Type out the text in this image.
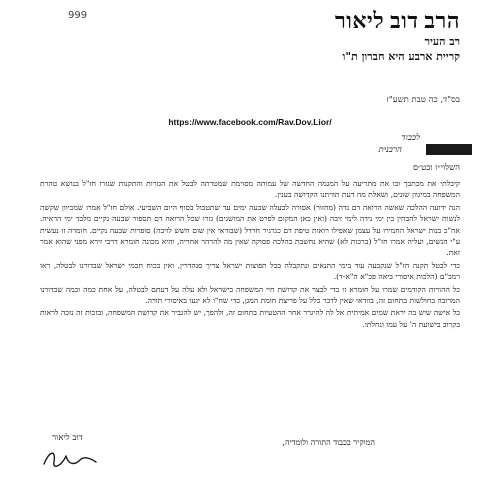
999	הרב דוב ליאור
רב העיר
קריית ארבע היא חברון ת"ו
בס"ד, כה טבת תשע"ז
https://www.facebook.com/Rav.Dov.Lior/
לכבוד
הרבנית
השלוי״ו וכט״ס

קיבלתי את מכתבך ובו את מתריעה על המגמה החדשה של עמותה מסוימת שמטרתה לבטל את הגזרות והתקנות שגזרו חז"ל בנושא טהרת המשפחה במיגוון שונים, ושאלת מה דעת תורתנו הקדושה בענין.

הנה ידועה ההלכה שאשה הרואה דם נדה (מחזור) אסורה לבעלה שבעה ימים עד שתטבול בסוף היום השביעי. אולם חז"ל אמרו שמכיוון שקשה לנשות ישראל להבחין בין ימי נידה לימי זיבה (ואין כאן המקום לפרט את המושגים) גזרו שכל הרואה דם תספור שבעה נקיים מלבד ימי הראיה. אח"כ בנות ישראל החמירו על עצמן שאפילו רואות טיפת דם כגרגיר חרדל (שבודאי אין שום חשש לזיבה) סופרות שבעה נקיים. חומרה זו נעשית ע"י הנשים, ועליה אמרו חז"ל (ברכות לא) שהיא נחשבת כהלכה פסוקה שאין מה להרהר אחריה, והיא מכונה חומרא דרבי זירא מפני שהוא אמר זאת.

כדי לבטל תקנה חז"ל שנקבעה עוד בימי התנאים ונתקבלה בכל תפוצות ישראל צריך סנהדרין, ואין בכוח חכמי ישראל שבדורנו לבטלה, ראו רמב"ם (הלכות איסורי ביאה פכ"א ה"א-ד).

כל ההורות הקודמים שמרו על חומרא זו כדי לבצר את קדושת חיי המשפחה בישראל ולא עלה על דעתם לבטלה, על אחת כמה וכמה שבדורנו המרובה בחולשות בתחום זה, בוודאי שאין לדבר כלל על פריצת חומת המגן, כדי שח"ו לא יגעו באיסורי תורה.

כל אישה שיש בה יראת שמים אמיתית אל לה להיגרר אחר ההטעיות בתחום זה, ולהפך, יש להגביר את קדושת המשפחה, ובזכות זה נזכה לראות בקרוב בישועת ה' על עמו ונחלתו.

המוקיר בכבוד התורה ולומדיה,
דוב ליאור
